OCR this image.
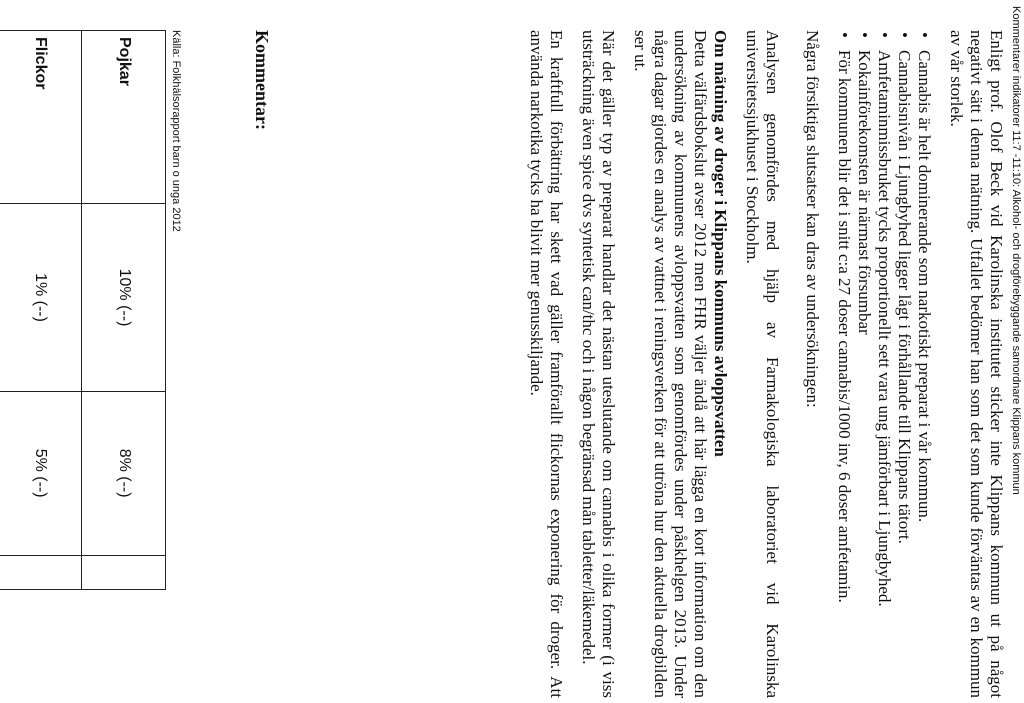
Kommentarer indikatorer 11:7 -11:10: Alkohol- och drogförebyggande samordnare Klippans kommun

Enligt prof. Olof Beck vid Karolinska institutet sticker inte Klippans kommun ut på något negativt sätt i denna mätning. Utfallet bedömer han som det som kunde förväntas av en kommun av vår storlek.

• Cannabis är helt dominerande som narkotiskt preparat i vår kommun.
• Cannabisnivån i Ljungbyhed ligger lågt i förhållande till Klippans tätort.
• Amfetaminmissbruket tycks proportionellt sett vara ung jämförbart i Ljungbyhed.
• Kokainförekomsten är närmast försumbar
• För kommunen blir det i snitt c:a 27 doser cannabis/1000 inv, 6 doser amfetamin.

Några försiktiga slutsatser kan dras av undersökningen:

Analysen genomfördes med hjälp av Farmakologiska laboratoriet vid Karolinska universitetssjukhuset i Stockholm.

Om mätning av droger i Klippans kommuns avloppsvatten

Detta välfärdsbokslut avser 2012 men FHR väljer ändå att här lägga en kort information om den undersökning av kommunens avloppsvatten som genomfördes under påskhelgen 2013. Under några dagar gjordes en analys av vattnet i reningsverken för att utröna hur den aktuella drogbilden ser ut.

När det gäller typ av preparat handlar det nästan uteslutande om cannabis i olika former (i viss utsträckning även spice dvs syntetisk can/thc och i någon begränsad mån tabletter/läkemedel.

En kraftfull förbättring har skett vad gäller framförallt flickornas exponering för droger. Att använda narkotika tycks ha blivit mer genusskiljande.

Kommentar:
Källa: Folkhälsorapport barn o unga 2012
Pojkar	10% (--)	8% (--)	
Flickor	1% (--)	5% (--)	
